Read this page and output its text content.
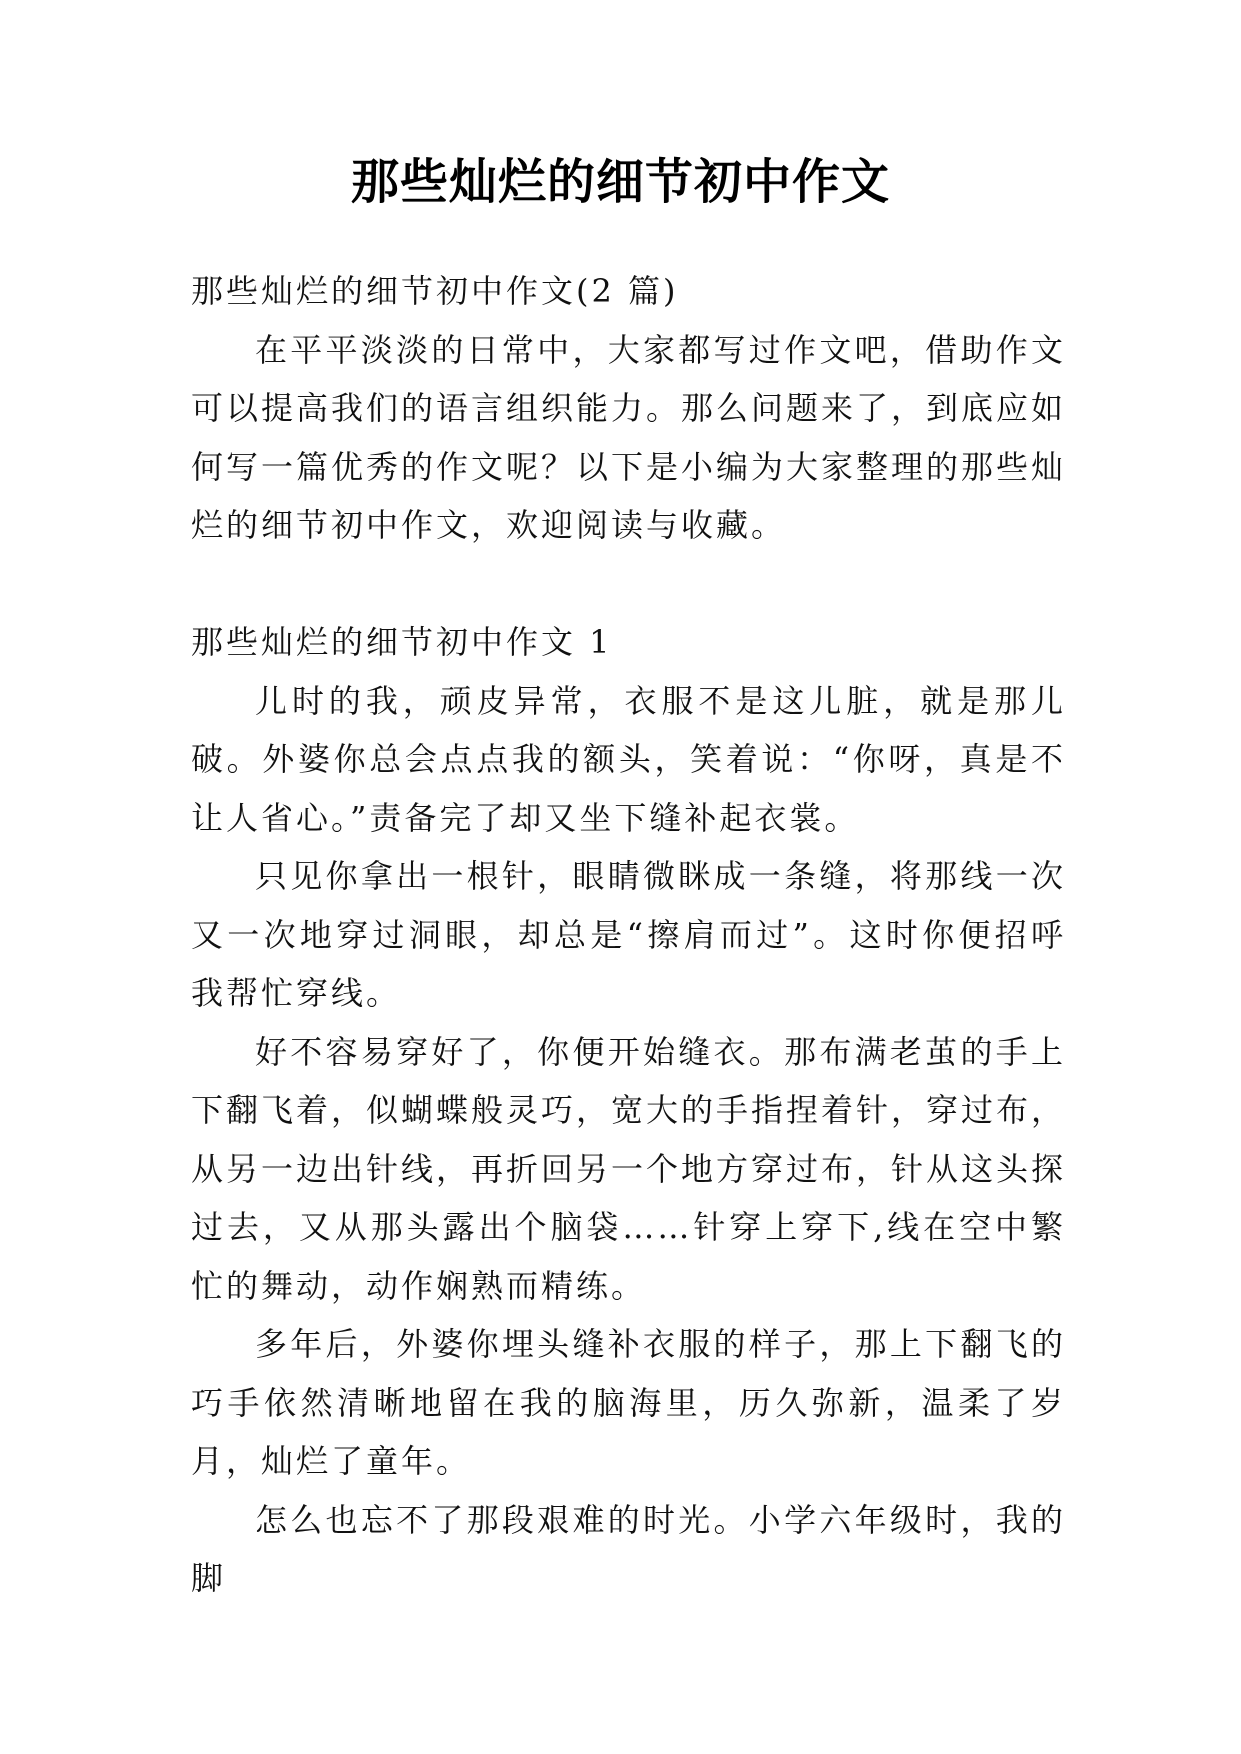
那些灿烂的细节初中作文

那些灿烂的细节初中作文(2 篇)

在平平淡淡的日常中，大家都写过作文吧，借助作文可以提高我们的语言组织能力。那么问题来了，到底应如何写一篇优秀的作文呢？以下是小编为大家整理的那些灿烂的细节初中作文，欢迎阅读与收藏。

那些灿烂的细节初中作文 1

儿时的我，顽皮异常，衣服不是这儿脏，就是那儿破。外婆你总会点点我的额头，笑着说：“你呀，真是不让人省心。”责备完了却又坐下缝补起衣裳。

只见你拿出一根针，眼睛微眯成一条缝，将那线一次又一次地穿过洞眼，却总是“擦肩而过”。这时你便招呼我帮忙穿线。

好不容易穿好了，你便开始缝衣。那布满老茧的手上下翻飞着，似蝴蝶般灵巧，宽大的手指捏着针，穿过布，从另一边出针线，再折回另一个地方穿过布，针从这头探过去，又从那头露出个脑袋……针穿上穿下,线在空中繁忙的舞动，动作娴熟而精练。

多年后，外婆你埋头缝补衣服的样子，那上下翻飞的巧手依然清晰地留在我的脑海里，历久弥新，温柔了岁月，灿烂了童年。

怎么也忘不了那段艰难的时光。小学六年级时，我的脚
